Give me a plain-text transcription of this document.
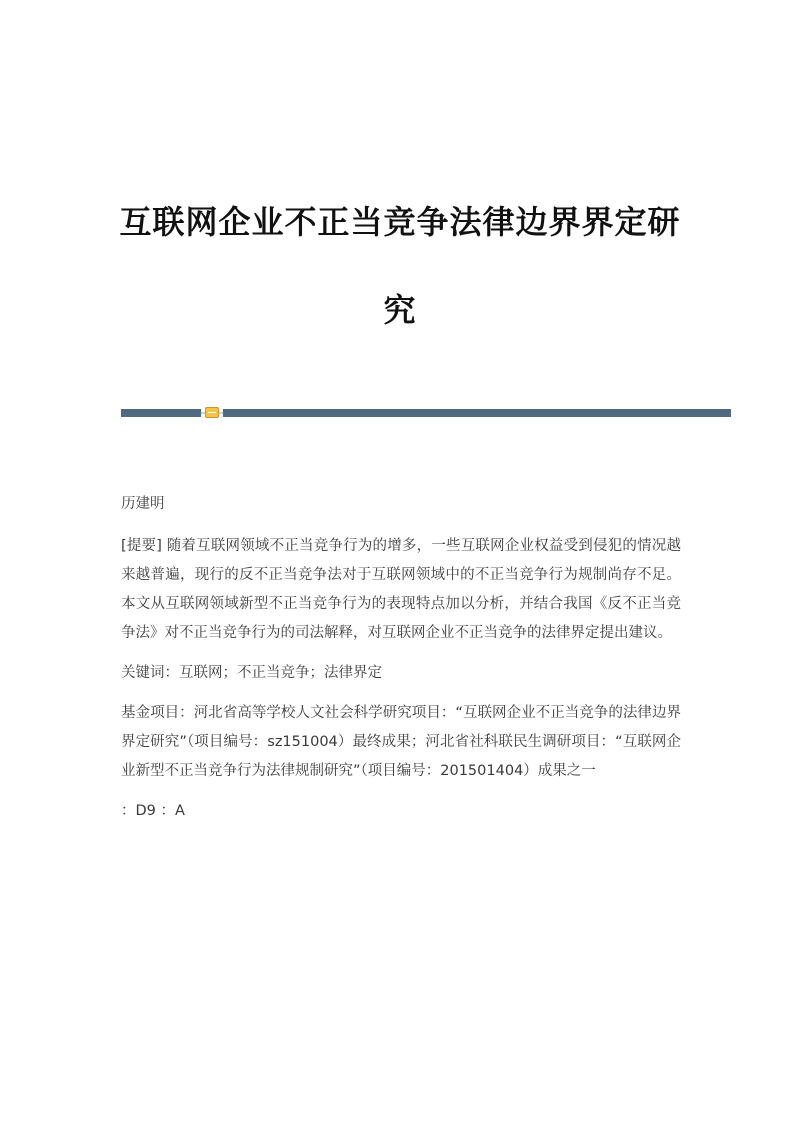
互联网企业不正当竞争法律边界界定研
究

历建明

[提要] 随着互联网领域不正当竞争行为的增多，一些互联网企业权益受到侵犯的情况越来越普遍，现行的反不正当竞争法对于互联网领域中的不正当竞争行为规制尚存不足。本文从互联网领域新型不正当竞争行为的表现特点加以分析，并结合我国《反不正当竞争法》对不正当竞争行为的司法解释，对互联网企业不正当竞争的法律界定提出建议。

关键词：互联网；不正当竞争；法律界定

基金项目：河北省高等学校人文社会科学研究项目：“互联网企业不正当竞争的法律边界界定研究”（项目编号：sz151004）最终成果；河北省社科联民生调研项目：“互联网企业新型不正当竞争行为法律规制研究”（项目编号：201501404）成果之一

：D9 ：A
